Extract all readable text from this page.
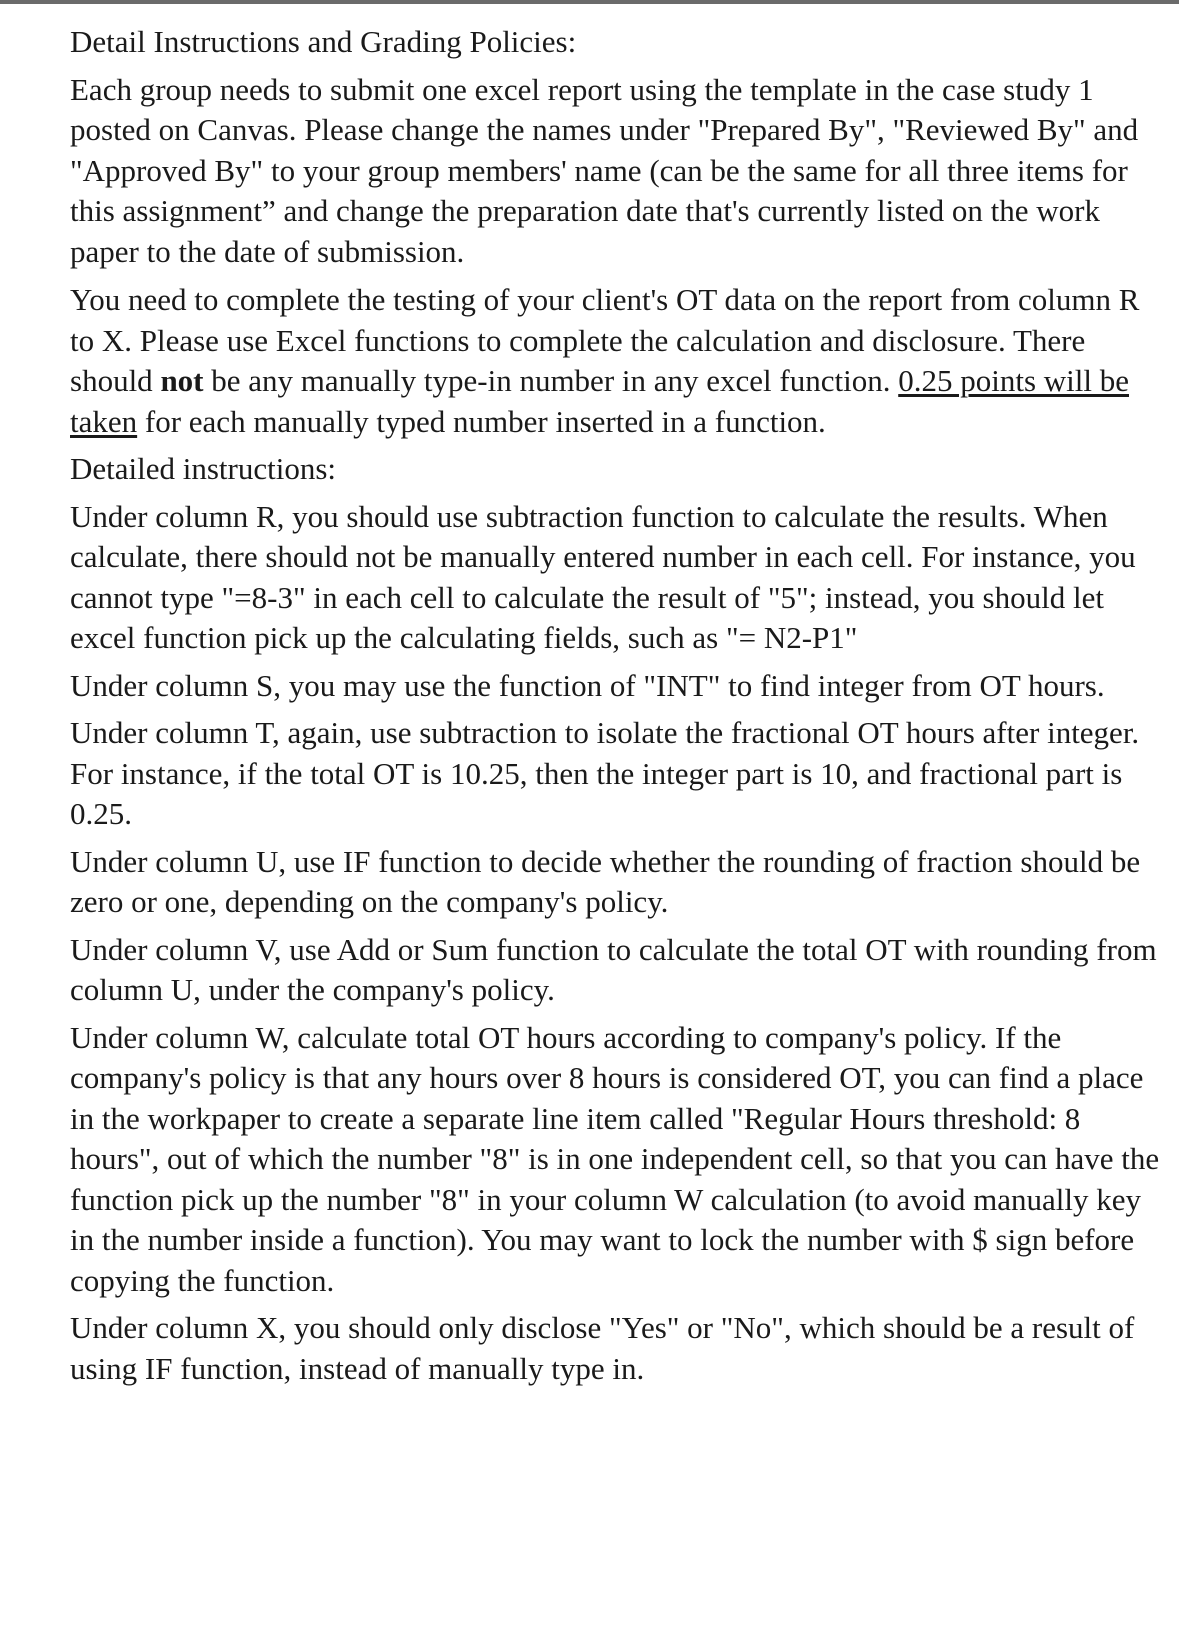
Detail Instructions and Grading Policies:

Each group needs to submit one excel report using the template in the case study 1 posted on Canvas. Please change the names under "Prepared By", "Reviewed By" and "Approved By" to your group members' name (can be the same for all three items for this assignment” and change the preparation date that's currently listed on the work paper to the date of submission.

You need to complete the testing of your client's OT data on the report from column R to X. Please use Excel functions to complete the calculation and disclosure. There should not be any manually type-in number in any excel function. 0.25 points will be taken for each manually typed number inserted in a function.

Detailed instructions:

Under column R, you should use subtraction function to calculate the results. When calculate, there should not be manually entered number in each cell. For instance, you cannot type "=8-3" in each cell to calculate the result of "5"; instead, you should let excel function pick up the calculating fields, such as "= N2-P1"

Under column S, you may use the function of "INT" to find integer from OT hours.

Under column T, again, use subtraction to isolate the fractional OT hours after integer. For instance, if the total OT is 10.25, then the integer part is 10, and fractional part is 0.25.

Under column U, use IF function to decide whether the rounding of fraction should be zero or one, depending on the company's policy.

Under column V, use Add or Sum function to calculate the total OT with rounding from column U, under the company's policy.

Under column W, calculate total OT hours according to company's policy. If the company's policy is that any hours over 8 hours is considered OT, you can find a place in the workpaper to create a separate line item called "Regular Hours threshold: 8 hours", out of which the number "8" is in one independent cell, so that you can have the function pick up the number "8" in your column W calculation (to avoid manually key in the number inside a function). You may want to lock the number with $ sign before copying the function.

Under column X, you should only disclose "Yes" or "No", which should be a result of using IF function, instead of manually type in.
